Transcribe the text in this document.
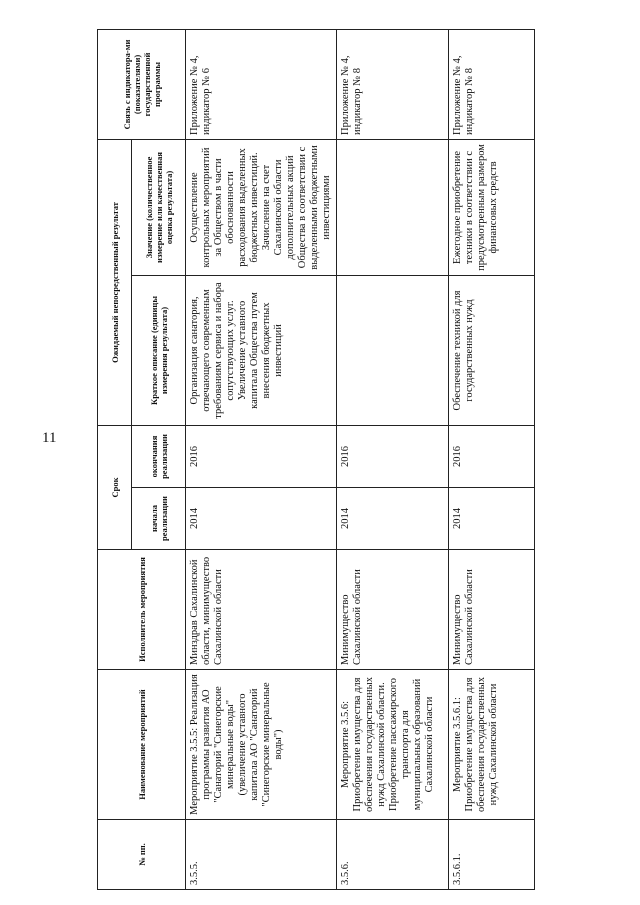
11
№ пп.	Наименование мероприятий	Исполнитель мероприятия	Срок		Ожидаемый непосредственный результат		Связь с индикатора-ми (показателями) государственной программы
			начала реализации	окончания реализации	Краткое описание (единицы измерения результата)	Значение (количественное измерение или качественная оценка результата)	
3.5.5.	Мероприятие 3.5.5: Реализация программы развития АО "Санаторий "Синегорские минеральные воды" (увеличение уставного капитала АО "Санаторий "Синегорские минеральные воды")	Минздрав Сахалинской области, минимущество Сахалинской области	2014	2016	Организация санатория, отвечающего современным требованиям сервиса и набора сопутствующих услуг. Увеличение уставного капитала Общества путем внесения бюджетных инвестиций	Осуществление контрольных мероприятий за Обществом в части обоснованности расходования выделенных бюджетных инвестиций. Зачисление на счет Сахалинской области дополнительных акций Общества в соответствии с выделенными бюджетными инвестициями	Приложение № 4, индикатор № 6
3.5.6.	Мероприятие 3.5.6: Приобретение имущества для обеспечения государственных нужд Сахалинской области. Приобретение пассажирского транспорта для муниципальных образований Сахалинской области	Минимущество Сахалинской области	2014	2016			Приложение № 4, индикатор № 8
3.5.6.1.	Мероприятие 3.5.6.1: Приобретение имущества для обеспечения государственных нужд Сахалинской области	Минимущество Сахалинской области	2014	2016	Обеспечение техникой для государственных нужд	Ежегодное приобретение техники в соответствии с предусмотренным размером финансовых средств	Приложение № 4, индикатор № 8
